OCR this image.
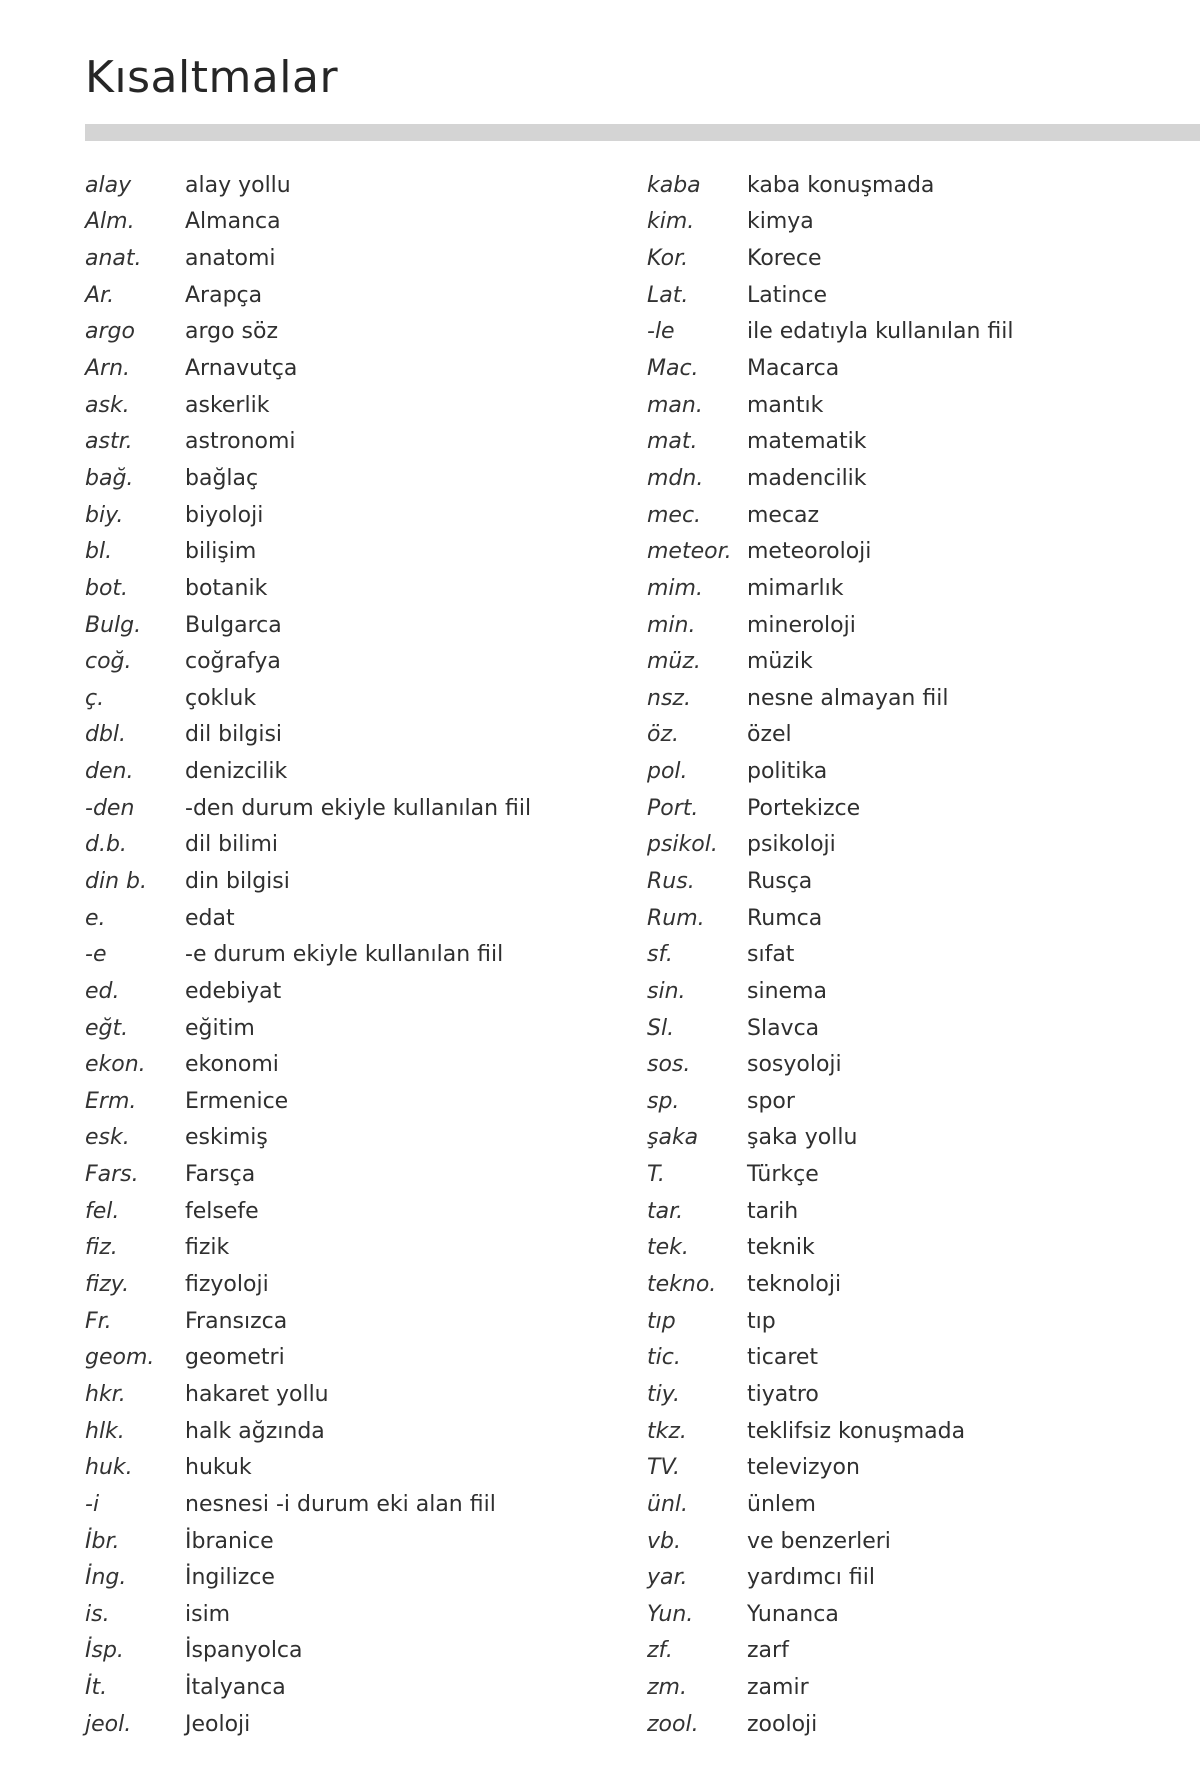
Kısaltmalar
alay	alay yollu
Alm.	Almanca
anat.	anatomi
Ar.	Arapça
argo	argo söz
Arn.	Arnavutça
ask.	askerlik
astr.	astronomi
bağ.	bağlaç
biy.	biyoloji
bl.	bilişim
bot.	botanik
Bulg.	Bulgarca
coğ.	coğrafya
ç.	çokluk
dbl.	dil bilgisi
den.	denizcilik
-den	-den durum ekiyle kullanılan fiil
d.b.	dil bilimi
din b.	din bilgisi
e.	edat
-e	-e durum ekiyle kullanılan fiil
ed.	edebiyat
eğt.	eğitim
ekon.	ekonomi
Erm.	Ermenice
esk.	eskimiş
Fars.	Farsça
fel.	felsefe
fiz.	fizik
fizy.	fizyoloji
Fr.	Fransızca
geom.	geometri
hkr.	hakaret yollu
hlk.	halk ağzında
huk.	hukuk
-i	nesnesi -i durum eki alan fiil
İbr.	İbranice
İng.	İngilizce
is.	isim
İsp.	İspanyolca
İt.	İtalyanca
jeol.	Jeoloji
kaba	kaba konuşmada
kim.	kimya
Kor.	Korece
Lat.	Latince
-le	ile edatıyla kullanılan fiil
Mac.	Macarca
man.	mantık
mat.	matematik
mdn.	madencilik
mec.	mecaz
meteor. meteoroloji
mim.	mimarlık
min.	mineroloji
müz.	müzik
nsz.	nesne almayan fiil
öz.	özel
pol.	politika
Port.	Portekizce
psikol.	psikoloji
Rus.	Rusça
Rum.	Rumca
sf.	sıfat
sin.	sinema
Sl.	Slavca
sos.	sosyoloji
sp.	spor
şaka	şaka yollu
T.	Türkçe
tar.	tarih
tek.	teknik
tekno.	teknoloji
tıp	tıp
tic.	ticaret
tiy.	tiyatro
tkz.	teklifsiz konuşmada
TV.	televizyon
ünl.	ünlem
vb.	ve benzerleri
yar.	yardımcı fiil
Yun.	Yunanca
zf.	zarf
zm.	zamir
zool.	zooloji
